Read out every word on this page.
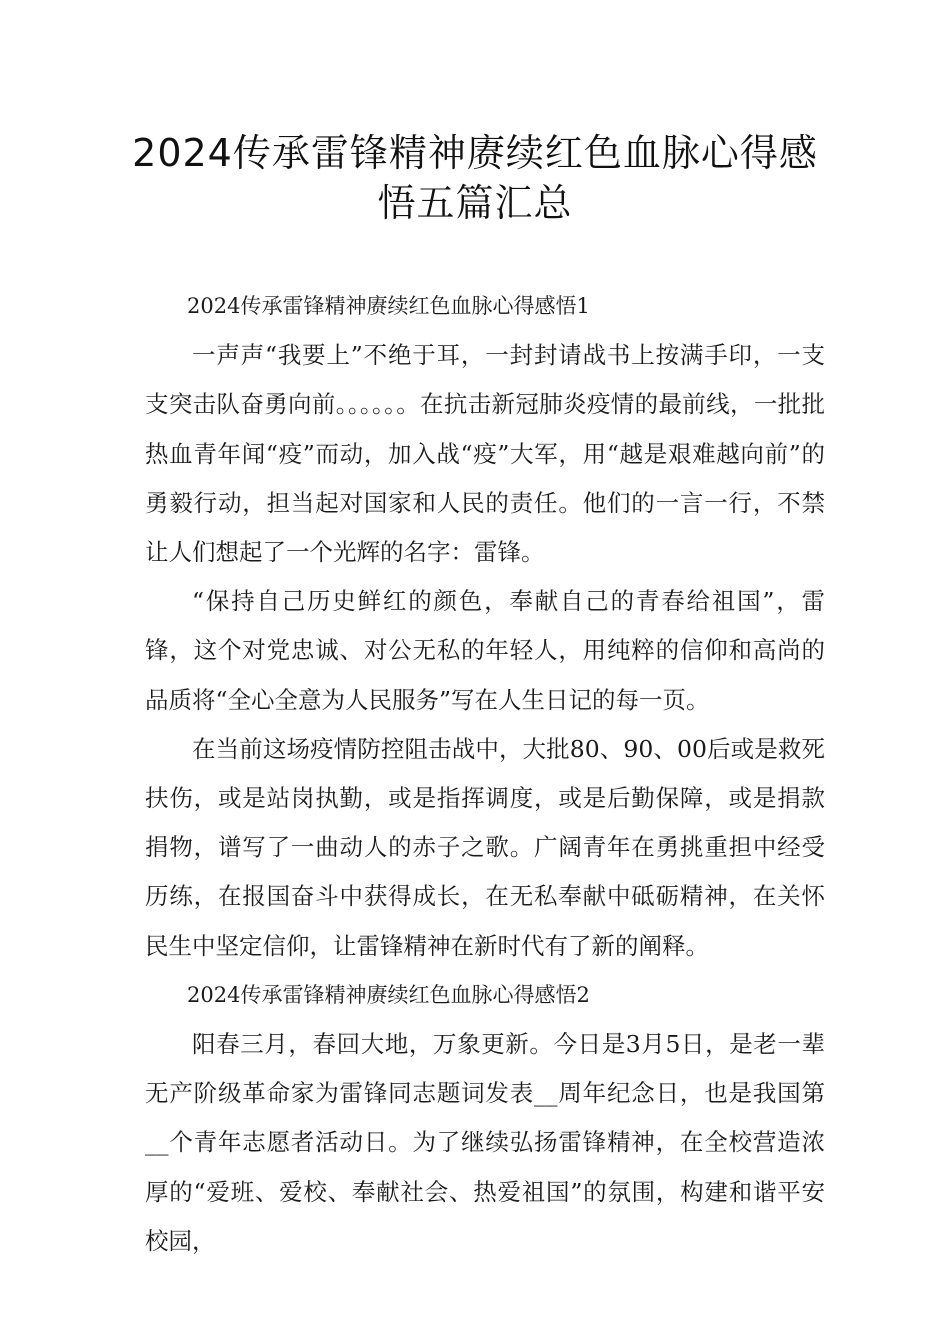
2024传承雷锋精神赓续红色血脉心得感悟五篇汇总

2024传承雷锋精神赓续红色血脉心得感悟1

一声声“我要上”不绝于耳，一封封请战书上按满手印，一支支突击队奋勇向前。。。。。。在抗击新冠肺炎疫情的最前线，一批批热血青年闻“疫”而动，加入战“疫”大军，用“越是艰难越向前”的勇毅行动，担当起对国家和人民的责任。他们的一言一行，不禁让人们想起了一个光辉的名字：雷锋。

“保持自己历史鲜红的颜色，奉献自己的青春给祖国”，雷锋，这个对党忠诚、对公无私的年轻人，用纯粹的信仰和高尚的品质将“全心全意为人民服务”写在人生日记的每一页。

在当前这场疫情防控阻击战中，大批80、90、00后或是救死扶伤，或是站岗执勤，或是指挥调度，或是后勤保障，或是捐款捐物，谱写了一曲动人的赤子之歌。广阔青年在勇挑重担中经受历练，在报国奋斗中获得成长，在无私奉献中砥砺精神，在关怀民生中坚定信仰，让雷锋精神在新时代有了新的阐释。

2024传承雷锋精神赓续红色血脉心得感悟2

阳春三月，春回大地，万象更新。今日是3月5日，是老一辈无产阶级革命家为雷锋同志题词发表__周年纪念日，也是我国第__个青年志愿者活动日。为了继续弘扬雷锋精神，在全校营造浓厚的“爱班、爱校、奉献社会、热爱祖国”的氛围，构建和谐平安校园，
